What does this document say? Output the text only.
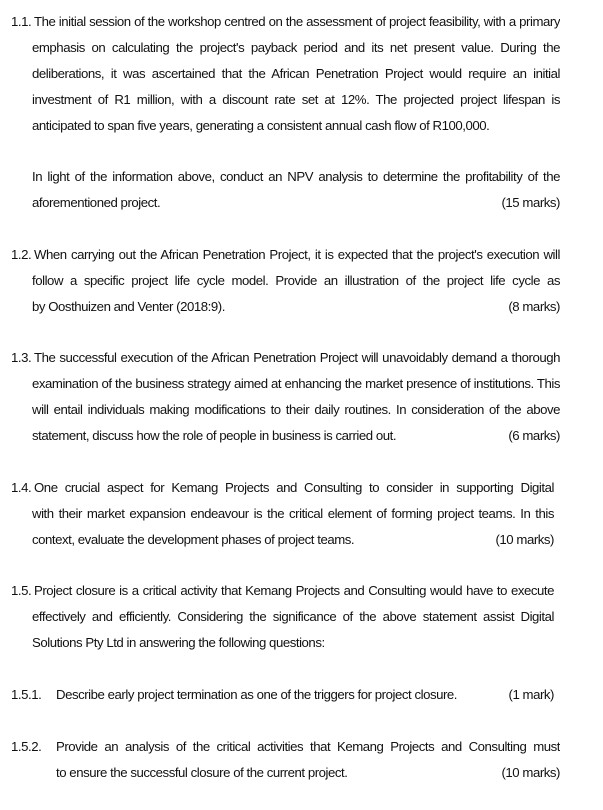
1.1. The initial session of the workshop centred on the assessment of project feasibility, with a primary
emphasis on calculating the project's payback period and its net present value. During the
deliberations, it was ascertained that the African Penetration Project would require an initial
investment of R1 million, with a discount rate set at 12%. The projected project lifespan is
anticipated to span five years, generating a consistent annual cash flow of R100,000.
In light of the information above, conduct an NPV analysis to determine the profitability of the
aforementioned project.	(15 marks)
1.2. When carrying out the African Penetration Project, it is expected that the project's execution will
follow a specific project life cycle model. Provide an illustration of the project life cycle as
by Oosthuizen and Venter (2018:9).	(8 marks)
1.3. The successful execution of the African Penetration Project will unavoidably demand a thorough
examination of the business strategy aimed at enhancing the market presence of institutions. This
will entail individuals making modifications to their daily routines. In consideration of the above
statement, discuss how the role of people in business is carried out.	(6 marks)
1.4. One crucial aspect for Kemang Projects and Consulting to consider in supporting Digital
with their market expansion endeavour is the critical element of forming project teams. In this
context, evaluate the development phases of project teams.	(10 marks)
1.5. Project closure is a critical activity that Kemang Projects and Consulting would have to execute
effectively and efficiently. Considering the significance of the above statement assist Digital
Solutions Pty Ltd in answering the following questions:
1.5.1. Describe early project termination as one of the triggers for project closure.	(1 mark)
1.5.2. Provide an analysis of the critical activities that Kemang Projects and Consulting must
to ensure the successful closure of the current project.	(10 marks)
